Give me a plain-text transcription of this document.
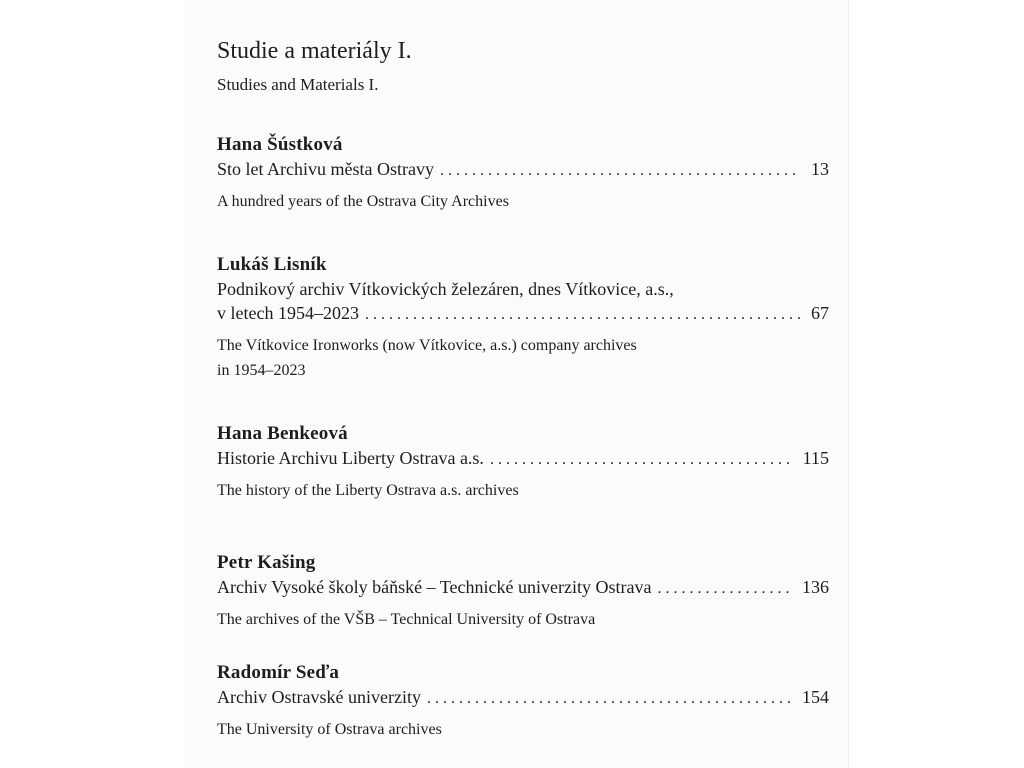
Studie a materiály I.
Studies and Materials I.
Hana Šústková
Sto let Archivu města Ostravy . . .	13
A hundred years of the Ostrava City Archives
Lukáš Lisník
Podnikový archiv Vítkovických železáren, dnes Vítkovice, a.s.,
v letech 1954–2023 . . .	67
The Vítkovice Ironworks (now Vítkovice, a.s.) company archives
in 1954–2023
Hana Benkeová
Historie Archivu Liberty Ostrava a.s. . . .	115
The history of the Liberty Ostrava a.s. archives
Petr Kašing
Archiv Vysoké školy báňské – Technické univerzity Ostrava . . .	136
The archives of the VŠB – Technical University of Ostrava
Radomír Seďa
Archiv Ostravské univerzity . . .	154
The University of Ostrava archives
